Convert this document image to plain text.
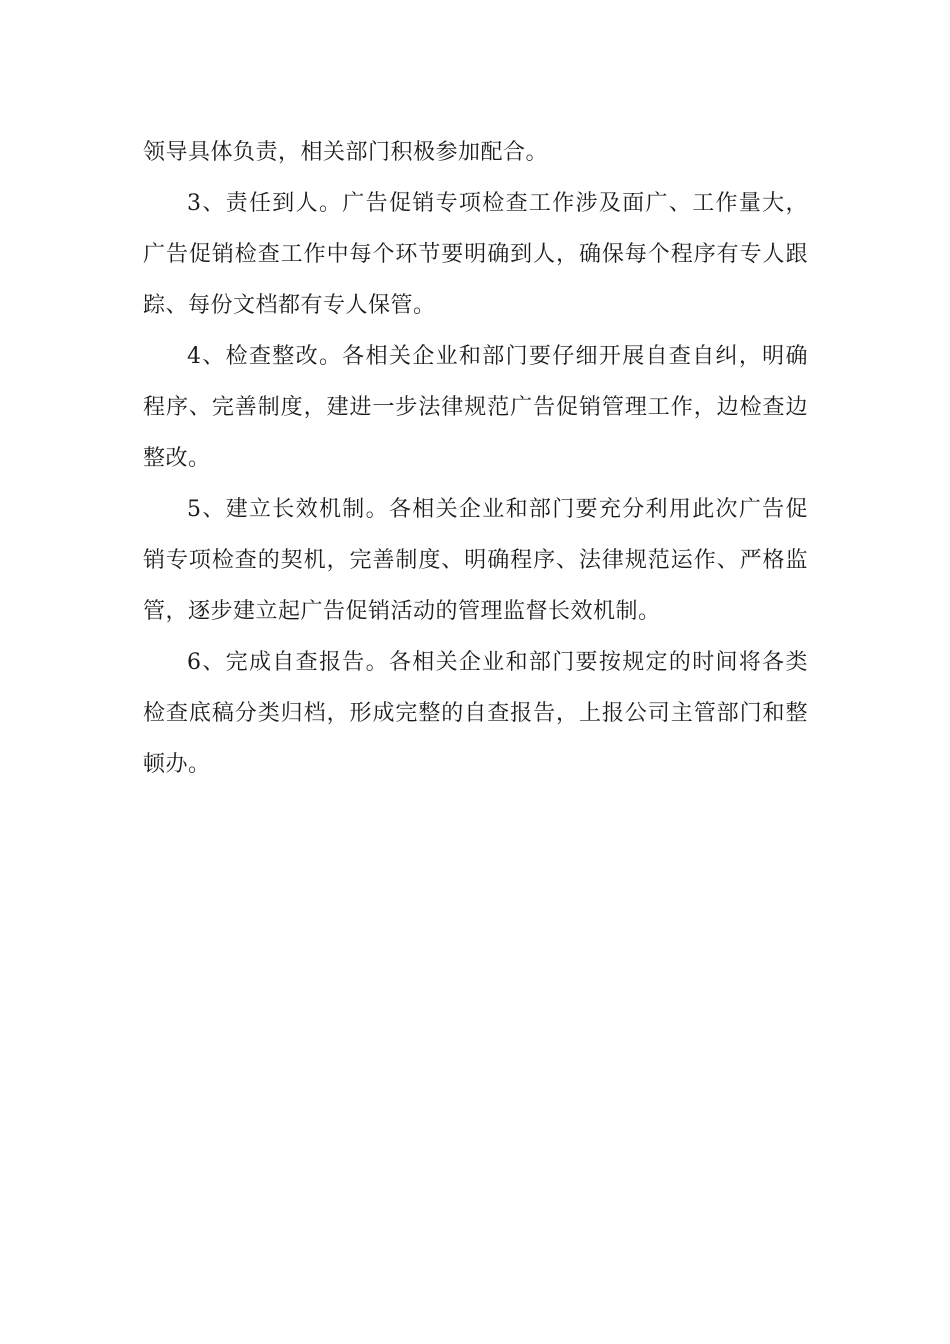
领导具体负责，相关部门积极参加配合。

3、责任到人。广告促销专项检查工作涉及面广、工作量大，广告促销检查工作中每个环节要明确到人，确保每个程序有专人跟踪、每份文档都有专人保管。

4、检查整改。各相关企业和部门要仔细开展自查自纠，明确程序、完善制度，建进一步法律规范广告促销管理工作，边检查边整改。

5、建立长效机制。各相关企业和部门要充分利用此次广告促销专项检查的契机，完善制度、明确程序、法律规范运作、严格监管，逐步建立起广告促销活动的管理监督长效机制。

6、完成自查报告。各相关企业和部门要按规定的时间将各类检查底稿分类归档，形成完整的自查报告，上报公司主管部门和整顿办。
